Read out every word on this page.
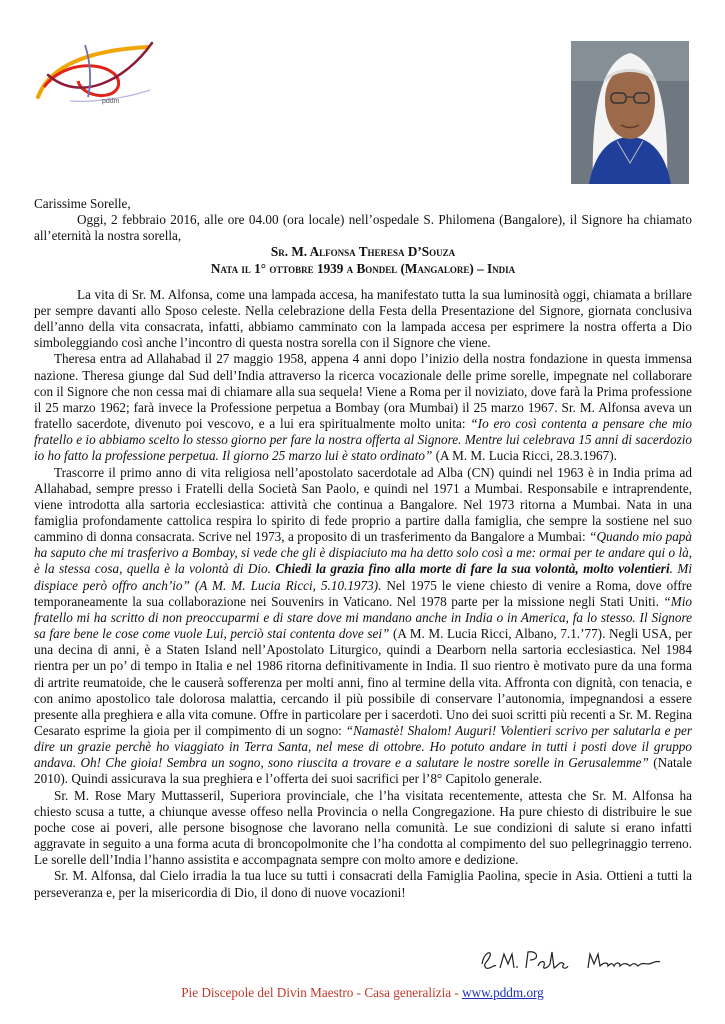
pddm

Carissime Sorelle,

Oggi, 2 febbraio 2016, alle ore 04.00 (ora locale) nell’ospedale S. Philomena (Bangalore), il Signore ha chiamato all’eternità la nostra sorella,

Sr. M. Alfonsa Theresa D’Souza

Nata il 1° ottobre 1939 a Bondel (Mangalore) – India

La vita di Sr. M. Alfonsa, come una lampada accesa, ha manifestato tutta la sua luminosità oggi, chiamata a brillare per sempre davanti allo Sposo celeste. Nella celebrazione della Festa della Presentazione del Signore, giornata conclusiva dell’anno della vita consacrata, infatti, abbiamo camminato con la lampada accesa per esprimere la nostra offerta a Dio simboleggiando così anche l’incontro di questa nostra sorella con il Signore che viene.

Theresa entra ad Allahabad il 27 maggio 1958, appena 4 anni dopo l’inizio della nostra fondazione in questa immensa nazione. Theresa giunge dal Sud dell’India attraverso la ricerca vocazionale delle prime sorelle, impegnate nel collaborare con il Signore che non cessa mai di chiamare alla sua sequela! Viene a Roma per il noviziato, dove farà la Prima professione il 25 marzo 1962; farà invece la Professione perpetua a Bombay (ora Mumbai) il 25 marzo 1967. Sr. M. Alfonsa aveva un fratello sacerdote, divenuto poi vescovo, e a lui era spiritualmente molto unita: “Io ero così contenta a pensare che mio fratello e io abbiamo scelto lo stesso giorno per fare la nostra offerta al Signore. Mentre lui celebrava 15 anni di sacerdozio io ho fatto la professione perpetua. Il giorno 25 marzo lui è stato ordinato” (A M. M. Lucia Ricci, 28.3.1967).

Trascorre il primo anno di vita religiosa nell’apostolato sacerdotale ad Alba (CN) quindi nel 1963 è in India prima ad Allahabad, sempre presso i Fratelli della Società San Paolo, e quindi nel 1971 a Mumbai. Responsabile e intraprendente, viene introdotta alla sartoria ecclesiastica: attività che continua a Bangalore. Nel 1973 ritorna a Mumbai. Nata in una famiglia profondamente cattolica respira lo spirito di fede proprio a partire dalla famiglia, che sempre la sostiene nel suo cammino di donna consacrata. Scrive nel 1973, a proposito di un trasferimento da Bangalore a Mumbai: “Quando mio papà ha saputo che mi trasferivo a Bombay, si vede che gli è dispiaciuto ma ha detto solo così a me: ormai per te andare qui o là, è la stessa cosa, quella è la volontà di Dio. Chiedi la grazia fino alla morte di fare la sua volontà, molto volentieri. Mi dispiace però offro anch’io” (A M. M. Lucia Ricci, 5.10.1973). Nel 1975 le viene chiesto di venire a Roma, dove offre temporaneamente la sua collaborazione nei Souvenirs in Vaticano. Nel 1978 parte per la missione negli Stati Uniti. “Mio fratello mi ha scritto di non preoccuparmi e di stare dove mi mandano anche in India o in America, fa lo stesso. Il Signore sa fare bene le cose come vuole Lui, perciò stai contenta dove sei” (A M. M. Lucia Ricci, Albano, 7.1.’77). Negli USA, per una decina di anni, è a Staten Island nell’Apostolato Liturgico, quindi a Dearborn nella sartoria ecclesiastica. Nel 1984 rientra per un po’ di tempo in Italia e nel 1986 ritorna definitivamente in India. Il suo rientro è motivato pure da una forma di artrite reumatoide, che le causerà sofferenza per molti anni, fino al termine della vita. Affronta con dignità, con tenacia, e con animo apostolico tale dolorosa malattia, cercando il più possibile di conservare l’autonomia, impegnandosi a essere presente alla preghiera e alla vita comune. Offre in particolare per i sacerdoti. Uno dei suoi scritti più recenti a Sr. M. Regina Cesarato esprime la gioia per il compimento di un sogno: “Namastè! Shalom! Auguri! Volentieri scrivo per salutarla e per dire un grazie perchè ho viaggiato in Terra Santa, nel mese di ottobre. Ho potuto andare in tutti i posti dove il gruppo andava. Oh! Che gioia! Sembra un sogno, sono riuscita a trovare e a salutare le nostre sorelle in Gerusalemme” (Natale 2010). Quindi assicurava la sua preghiera e l’offerta dei suoi sacrifici per l’8° Capitolo generale.

Sr. M. Rose Mary Muttasseril, Superiora provinciale, che l’ha visitata recentemente, attesta che Sr. M. Alfonsa ha chiesto scusa a tutte, a chiunque avesse offeso nella Provincia o nella Congregazione. Ha pure chiesto di distribuire le sue poche cose ai poveri, alle persone bisognose che lavorano nella comunità. Le sue condizioni di salute si erano infatti aggravate in seguito a una forma acuta di broncopolmonite che l’ha condotta al compimento del suo pellegrinaggio terreno. Le sorelle dell’India l’hanno assistita e accompagnata sempre con molto amore e dedizione.

Sr. M. Alfonsa, dal Cielo irradia la tua luce su tutti i consacrati della Famiglia Paolina, specie in Asia. Ottieni a tutti la perseveranza e, per la misericordia di Dio, il dono di nuove vocazioni!

Pie Discepole del Divin Maestro - Casa generalizia - www.pddm.org
